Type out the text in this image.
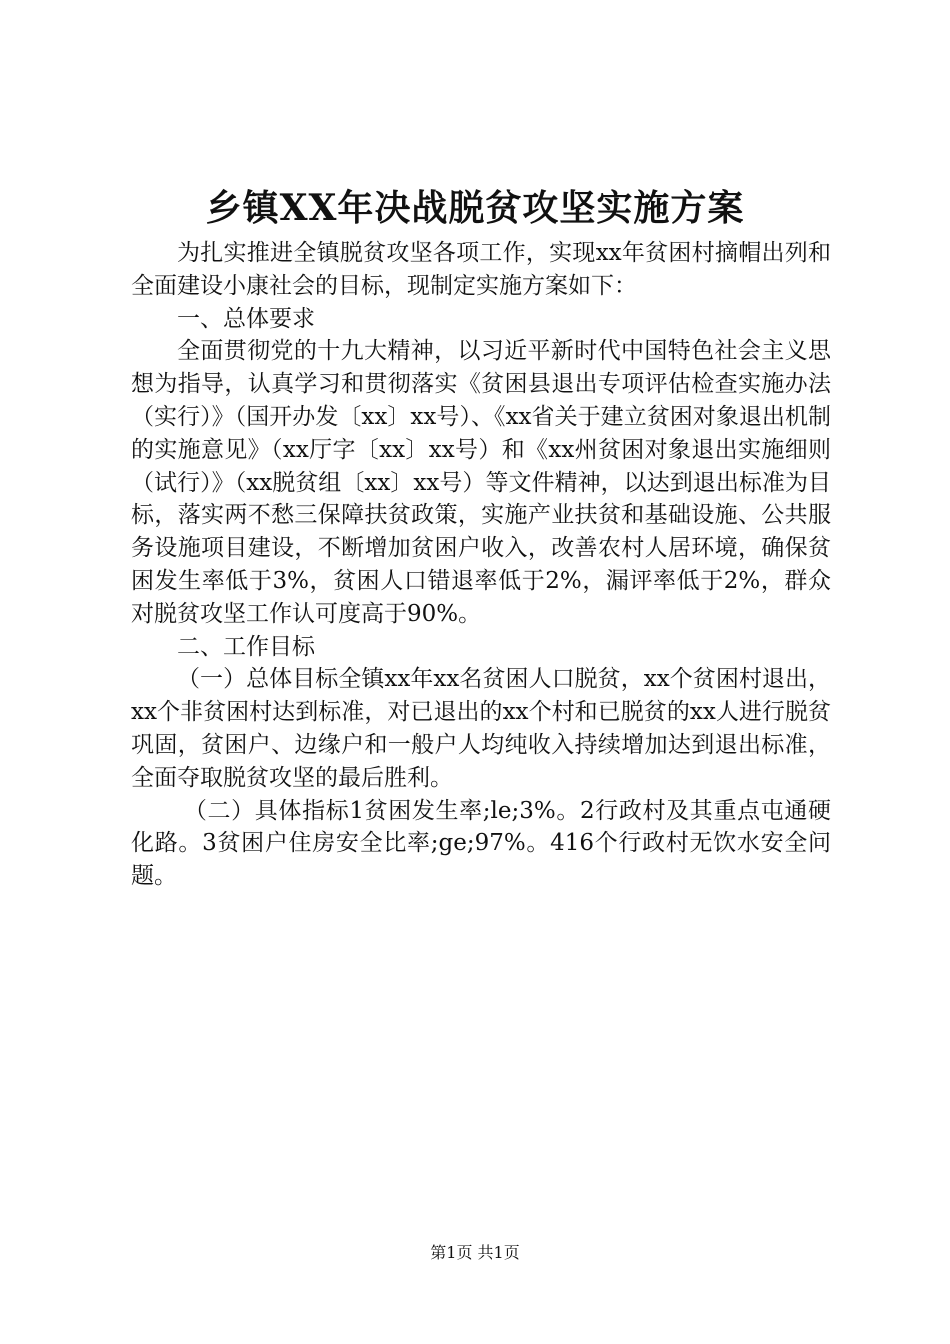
乡镇XX年决战脱贫攻坚实施方案

为扎实推进全镇脱贫攻坚各项工作，实现xx年贫困村摘帽出列和全面建设小康社会的目标，现制定实施方案如下：

一、总体要求

全面贯彻党的十九大精神，以习近平新时代中国特色社会主义思想为指导，认真学习和贯彻落实《贫困县退出专项评估检查实施办法（实行）》（国开办发〔xx〕xx号）、《xx省关于建立贫困对象退出机制的实施意见》（xx厅字〔xx〕xx号）和《xx州贫困对象退出实施细则（试行）》（xx脱贫组〔xx〕xx号）等文件精神，以达到退出标准为目标，落实两不愁三保障扶贫政策，实施产业扶贫和基础设施、公共服务设施项目建设，不断增加贫困户收入，改善农村人居环境，确保贫困发生率低于3%，贫困人口错退率低于2%，漏评率低于2%，群众对脱贫攻坚工作认可度高于90%。

二、工作目标

（一）总体目标全镇xx年xx名贫困人口脱贫，xx个贫困村退出，xx个非贫困村达到标准，对已退出的xx个村和已脱贫的xx人进行脱贫巩固，贫困户、边缘户和一般户人均纯收入持续增加达到退出标准，全面夺取脱贫攻坚的最后胜利。

（二）具体指标1贫困发生率;le;3%。2行政村及其重点屯通硬化路。3贫困户住房安全比率;ge;97%。416个行政村无饮水安全问题。

第1页 共1页
